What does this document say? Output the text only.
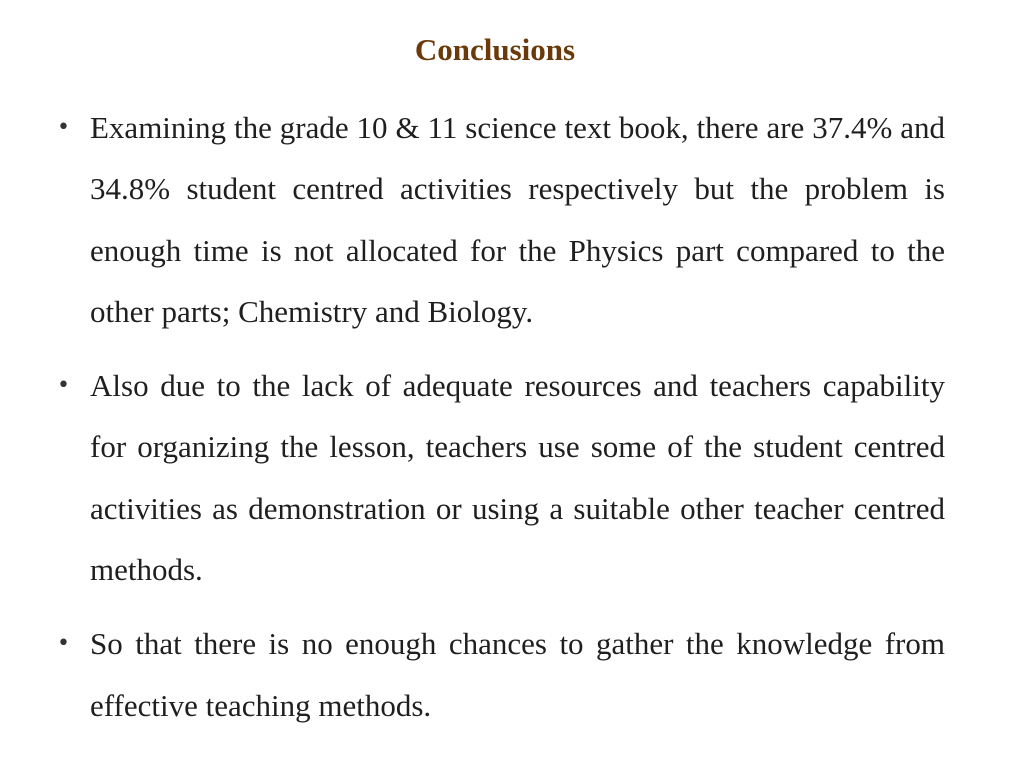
Conclusions
• Examining the grade 10 & 11 science text book, there are 37.4% and 34.8% student centred activities respectively but the problem is enough time is not allocated for the Physics part compared to the other parts; Chemistry and Biology.
• Also due to the lack of adequate resources and teachers capability for organizing the lesson, teachers use some of the student centred activities as demonstration or using a suitable other teacher centred methods.
• So that there is no enough chances to gather the knowledge from effective teaching methods.
